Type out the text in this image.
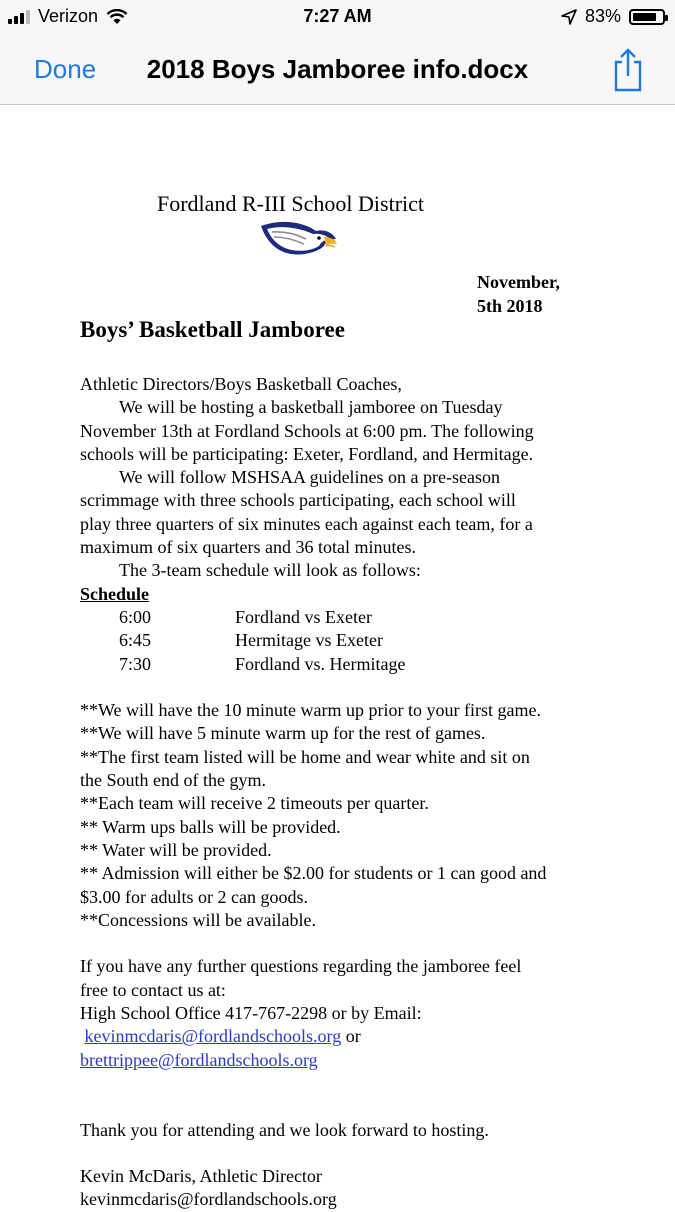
Verizon	7:27 AM	83%
2018 Boys Jamboree info.docx
Done
Fordland R-III School District
November,
5th 2018
Boys’ Basketball Jamboree

Athletic Directors/Boys Basketball Coaches,

We will be hosting a basketball jamboree on Tuesday

November 13th at Fordland Schools at 6:00 pm. The following

schools will be participating: Exeter, Fordland, and Hermitage.

We will follow MSHSAA guidelines on a pre-season

scrimmage with three schools participating, each school will

play three quarters of six minutes each against each team, for a

maximum of six quarters and 36 total minutes.

The 3-team schedule will look as follows:

Schedule

6:00	Fordland vs Exeter
6:45	Hermitage vs Exeter
7:30	Fordland vs. Hermitage

**We will have the 10 minute warm up prior to your first game.

**We will have 5 minute warm up for the rest of games.

**The first team listed will be home and wear white and sit on

the South end of the gym.

**Each team will receive 2 timeouts per quarter.

** Warm ups balls will be provided.

** Water will be provided.

** Admission will either be $2.00 for students or 1 can good and

$3.00 for adults or 2 can goods.

**Concessions will be available.

If you have any further questions regarding the jamboree feel

free to contact us at:

High School Office 417-767-2298 or by Email:

kevinmcdaris@fordlandschools.org or

brettrippee@fordlandschools.org

Thank you for attending and we look forward to hosting.

Kevin McDaris, Athletic Director

kevinmcdaris@fordlandschools.org
